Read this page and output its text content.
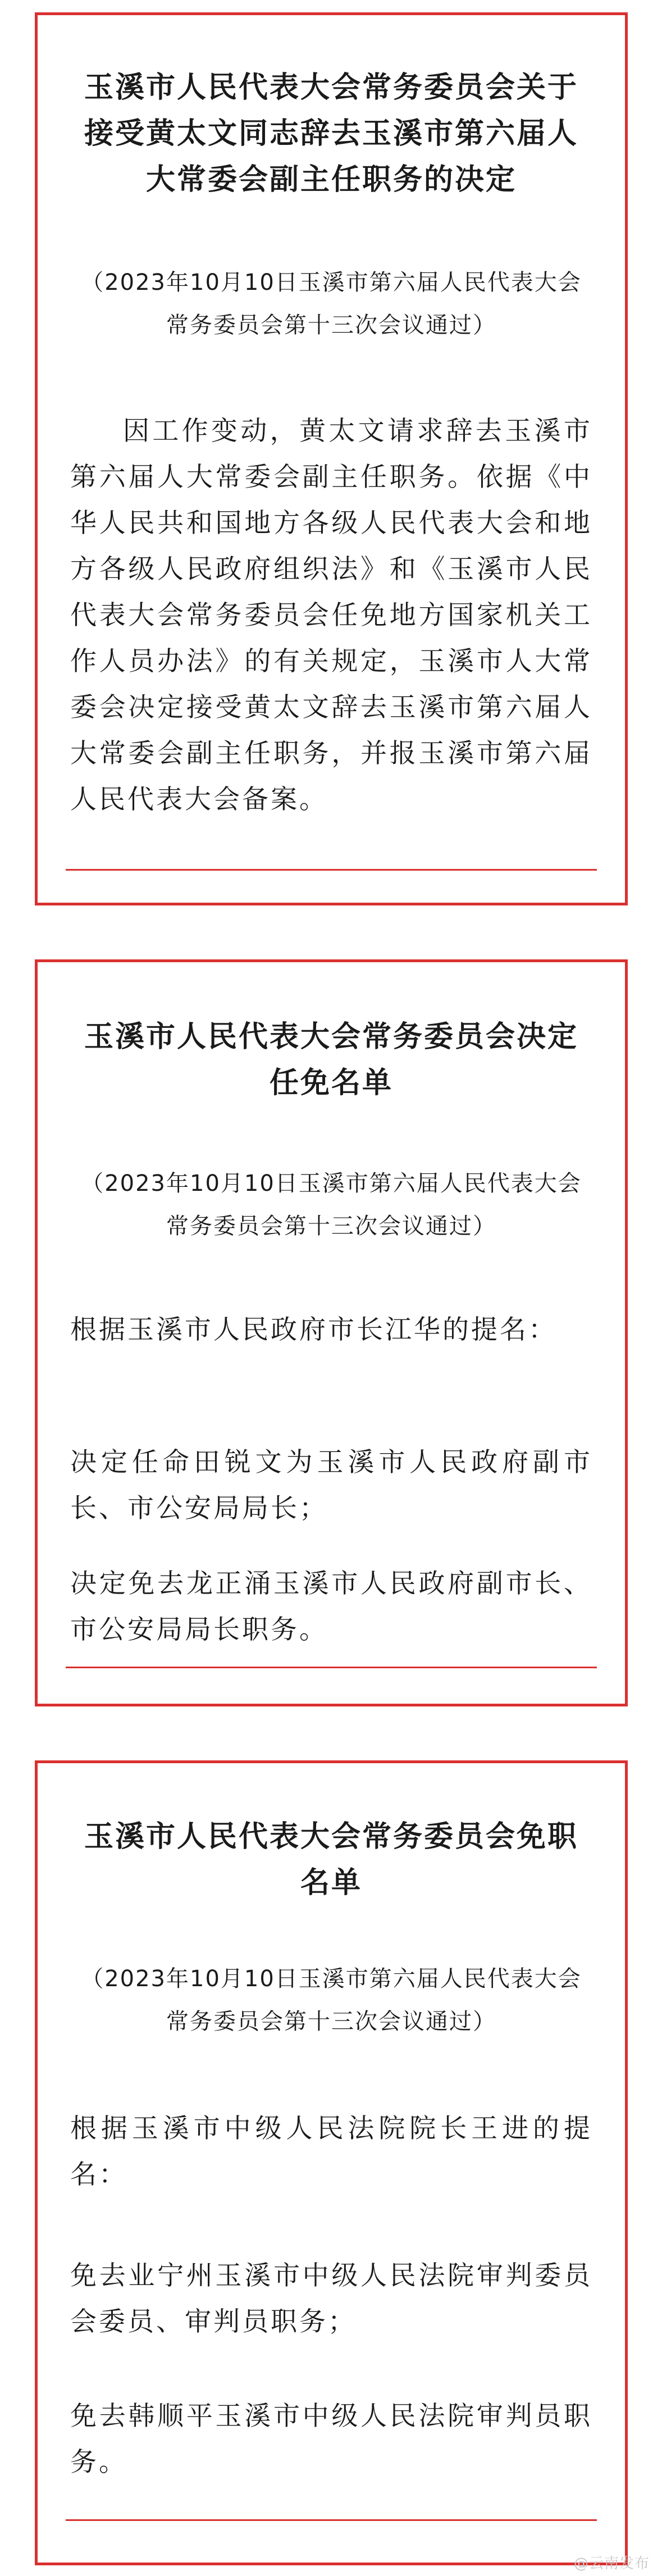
玉溪市人民代表大会常务委员会关于接受黄太文同志辞去玉溪市第六届人大常委会副主任职务的决定

（2023年10月10日玉溪市第六届人民代表大会常务委员会第十三次会议通过）

因工作变动，黄太文请求辞去玉溪市第六届人大常委会副主任职务。依据《中华人民共和国地方各级人民代表大会和地方各级人民政府组织法》和《玉溪市人民代表大会常务委员会任免地方国家机关工作人员办法》的有关规定，玉溪市人大常委会决定接受黄太文辞去玉溪市第六届人大常委会副主任职务，并报玉溪市第六届人民代表大会备案。

玉溪市人民代表大会常务委员会决定任免名单

（2023年10月10日玉溪市第六届人民代表大会常务委员会第十三次会议通过）

根据玉溪市人民政府市长江华的提名：

决定任命田锐文为玉溪市人民政府副市长、市公安局局长；

决定免去龙正涌玉溪市人民政府副市长、市公安局局长职务。

玉溪市人民代表大会常务委员会免职名单

（2023年10月10日玉溪市第六届人民代表大会常务委员会第十三次会议通过）

根据玉溪市中级人民法院院长王进的提名：

免去业宁州玉溪市中级人民法院审判委员会委员、审判员职务；

免去韩顺平玉溪市中级人民法院审判员职务。

@云南发布
